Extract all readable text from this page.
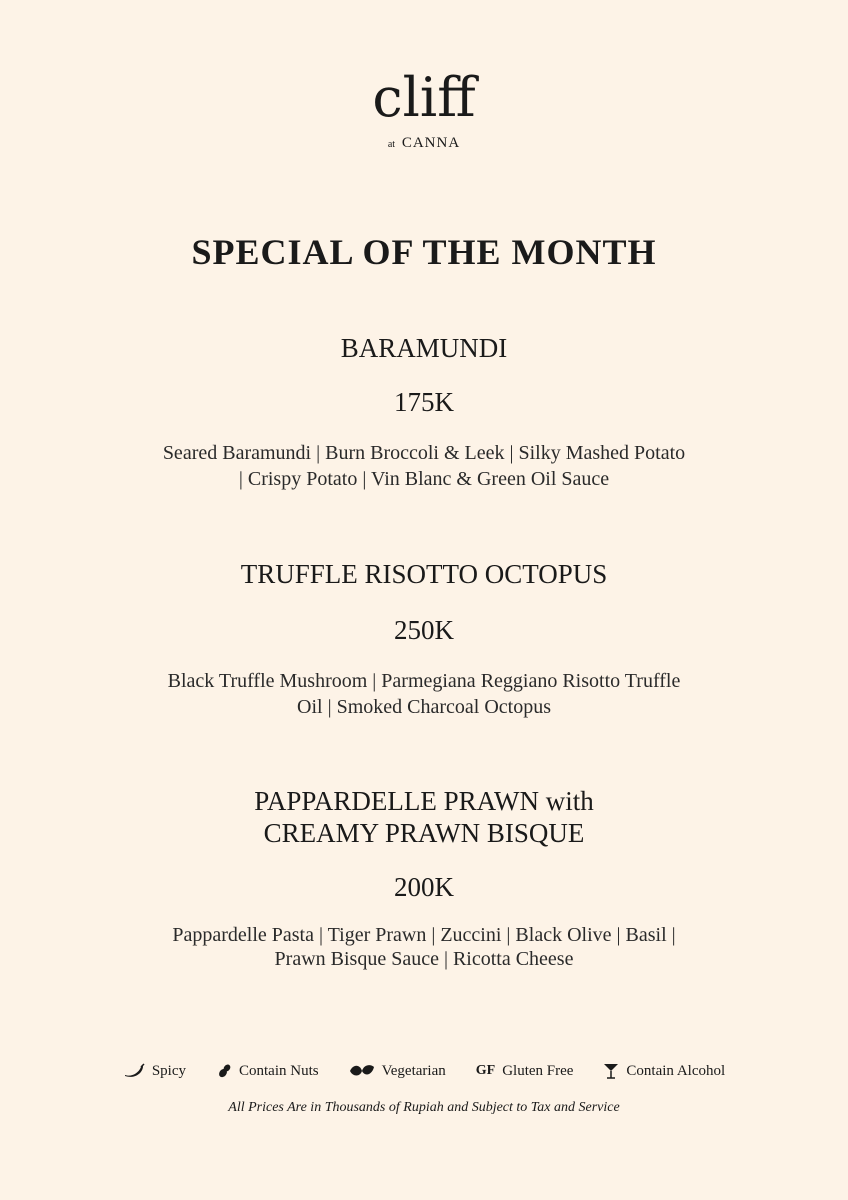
cliff
at CANNA
SPECIAL OF THE MONTH
BARAMUNDI
175K
Seared Baramundi | Burn Broccoli & Leek | Silky Mashed Potato
| Crispy Potato | Vin Blanc & Green Oil Sauce
TRUFFLE RISOTTO OCTOPUS
250K
Black Truffle Mushroom | Parmegiana Reggiano Risotto Truffle
Oil | Smoked Charcoal Octopus
PAPPARDELLE PRAWN with
CREAMY PRAWN BISQUE
200K
Pappardelle Pasta | Tiger Prawn | Zuccini | Black Olive | Basil |
Prawn Bisque Sauce | Ricotta Cheese
Spicy	Contain Nuts	Vegetarian GF Gluten Free	Contain Alcohol
All Prices Are in Thousands of Rupiah and Subject to Tax and Service
